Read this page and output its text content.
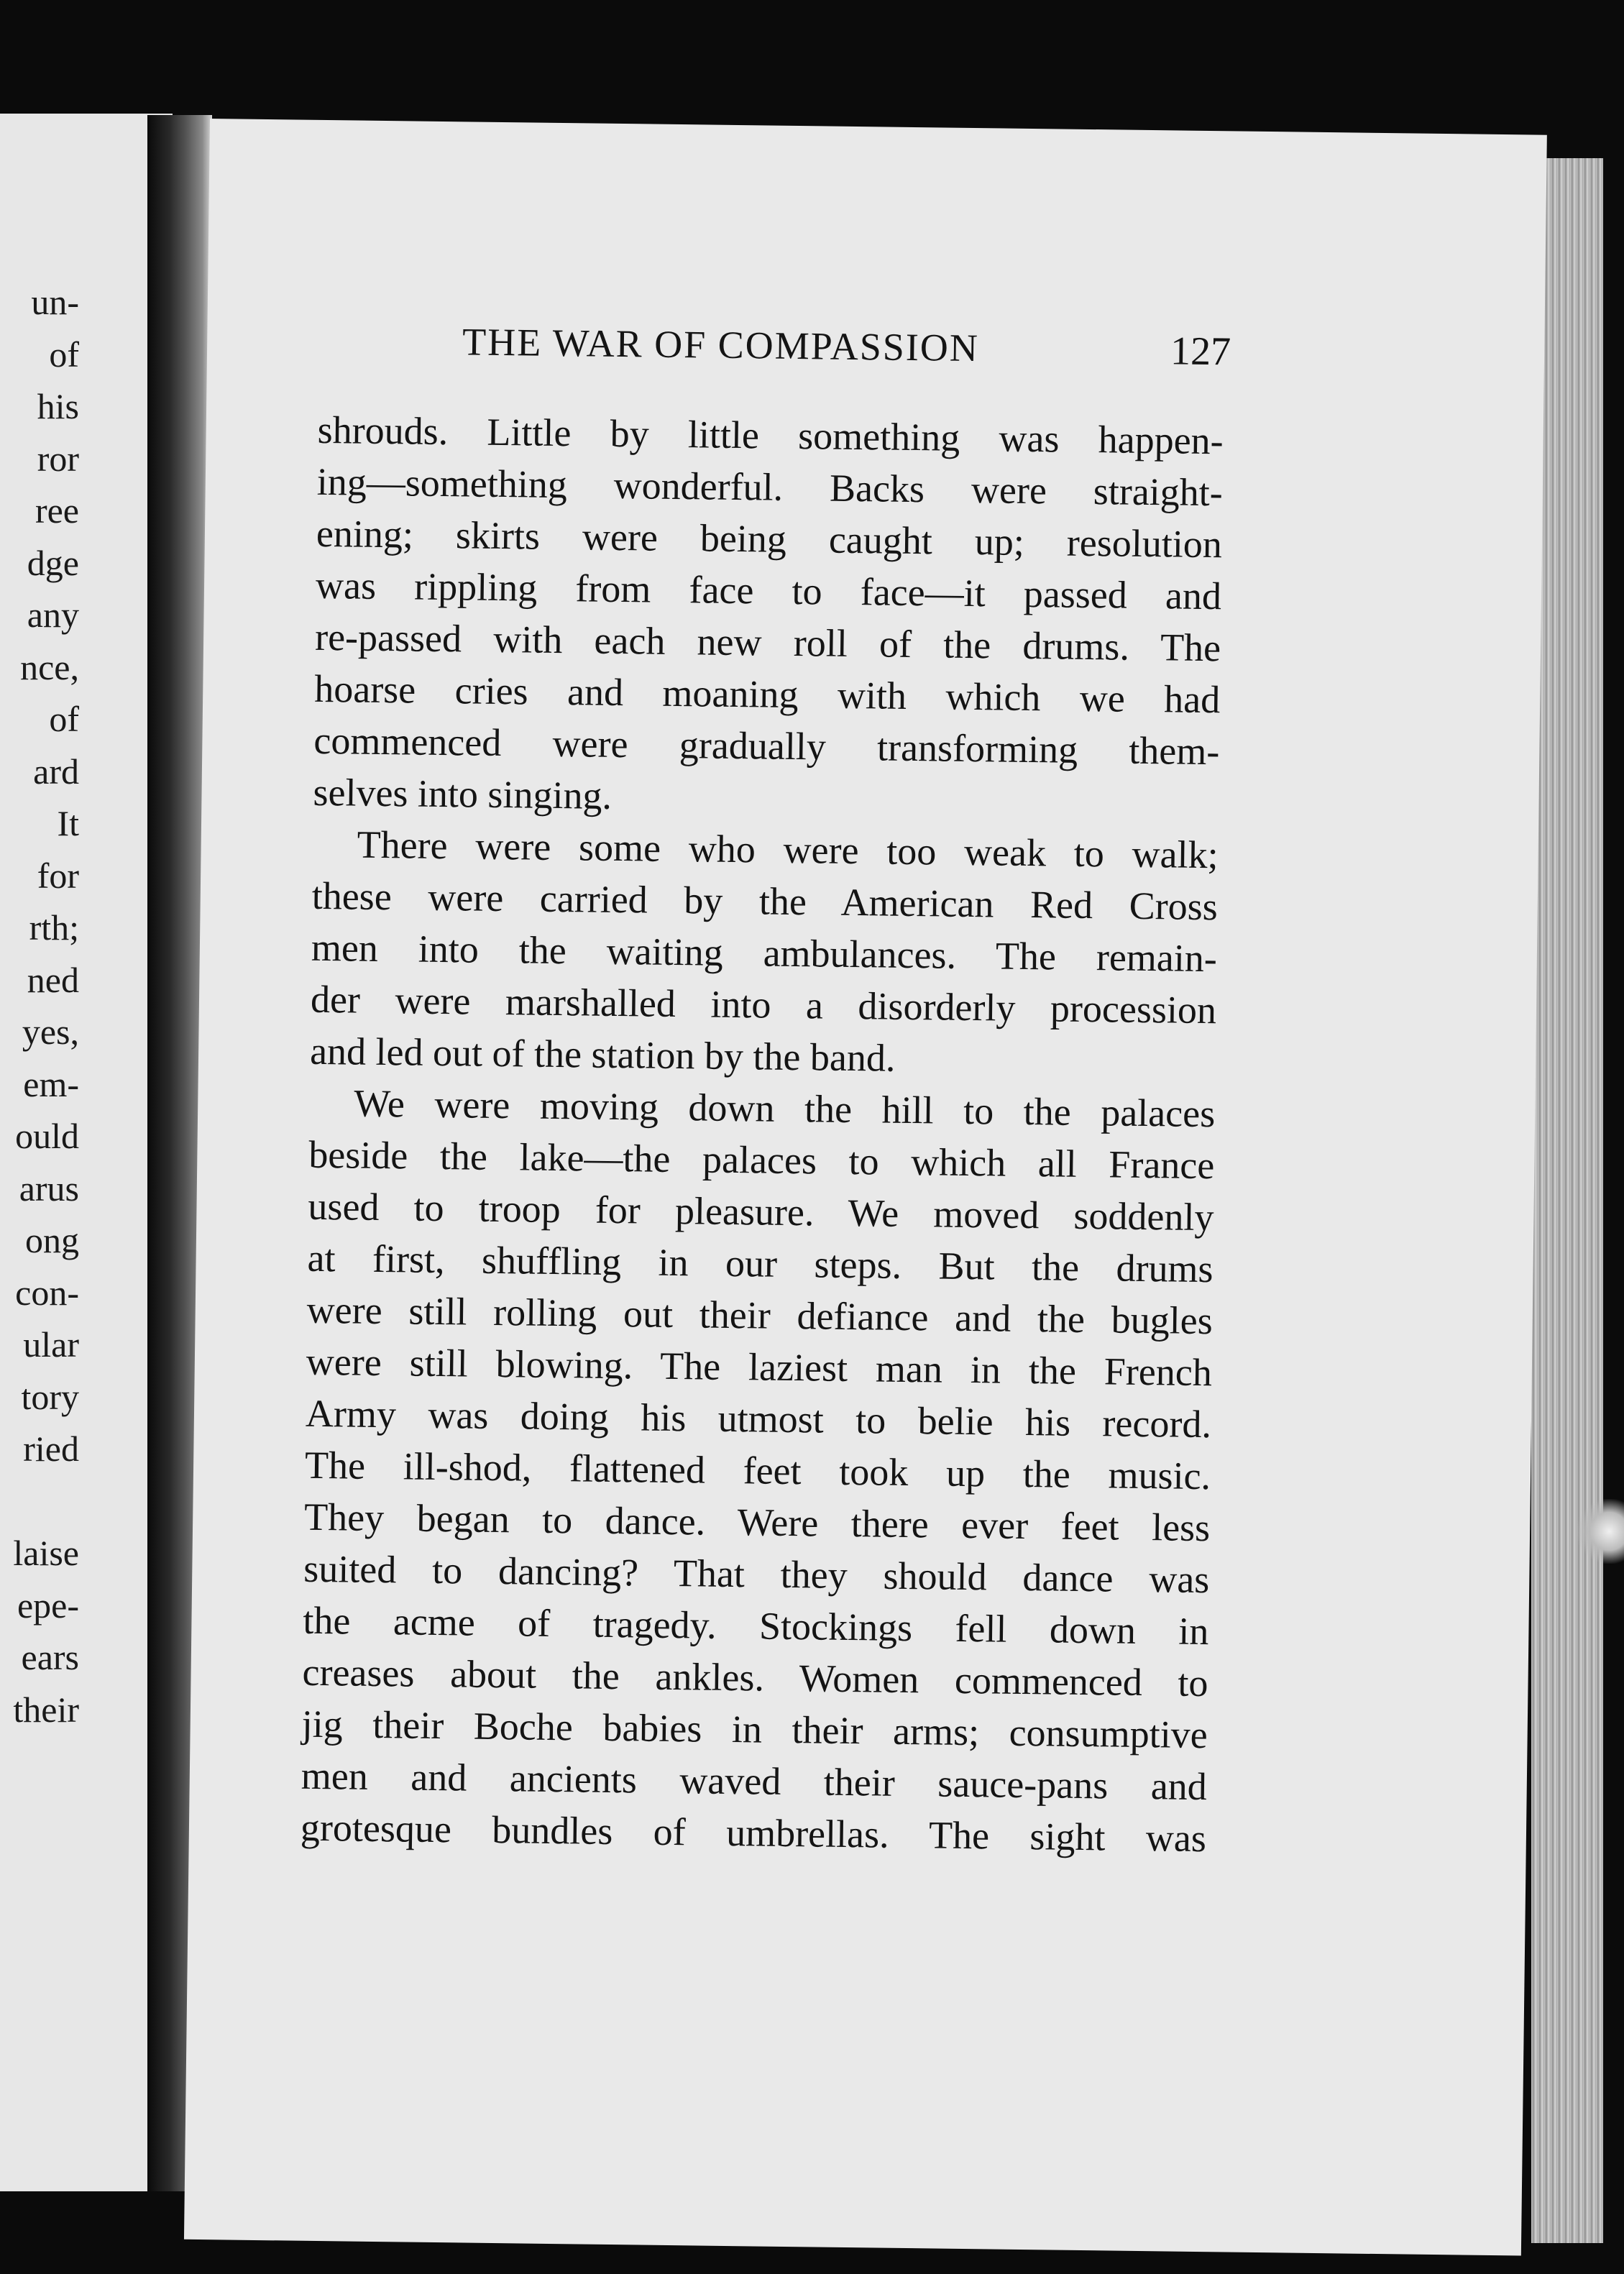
un-
of
his
ror
ree
dge
any
nce,
of
ard
It
for
rth;
ned
yes,
em-
ould
arus
ong
con-
ular
tory
ried
laise
epe-
ears
their
THE WAR OF COMPASSION	127
shrouds. Little by little something was happen-
ing—something wonderful. Backs were straight-
ening; skirts were being caught up; resolution
was rippling from face to face—it passed and
re-passed with each new roll of the drums. The
hoarse cries and moaning with which we had
commenced were gradually transforming them-
selves into singing.
There were some who were too weak to walk;
these were carried by the American Red Cross
men into the waiting ambulances. The remain-
der were marshalled into a disorderly procession
and led out of the station by the band.
We were moving down the hill to the palaces
beside the lake—the palaces to which all France
used to troop for pleasure. We moved soddenly
at first, shuffling in our steps. But the drums
were still rolling out their defiance and the bugles
were still blowing. The laziest man in the French
Army was doing his utmost to belie his record.
The ill-shod, flattened feet took up the music.
They began to dance. Were there ever feet less
suited to dancing? That they should dance was
the acme of tragedy. Stockings fell down in
creases about the ankles. Women commenced to
jig their Boche babies in their arms; consumptive
men and ancients waved their sauce-pans and
grotesque bundles of umbrellas. The sight was
